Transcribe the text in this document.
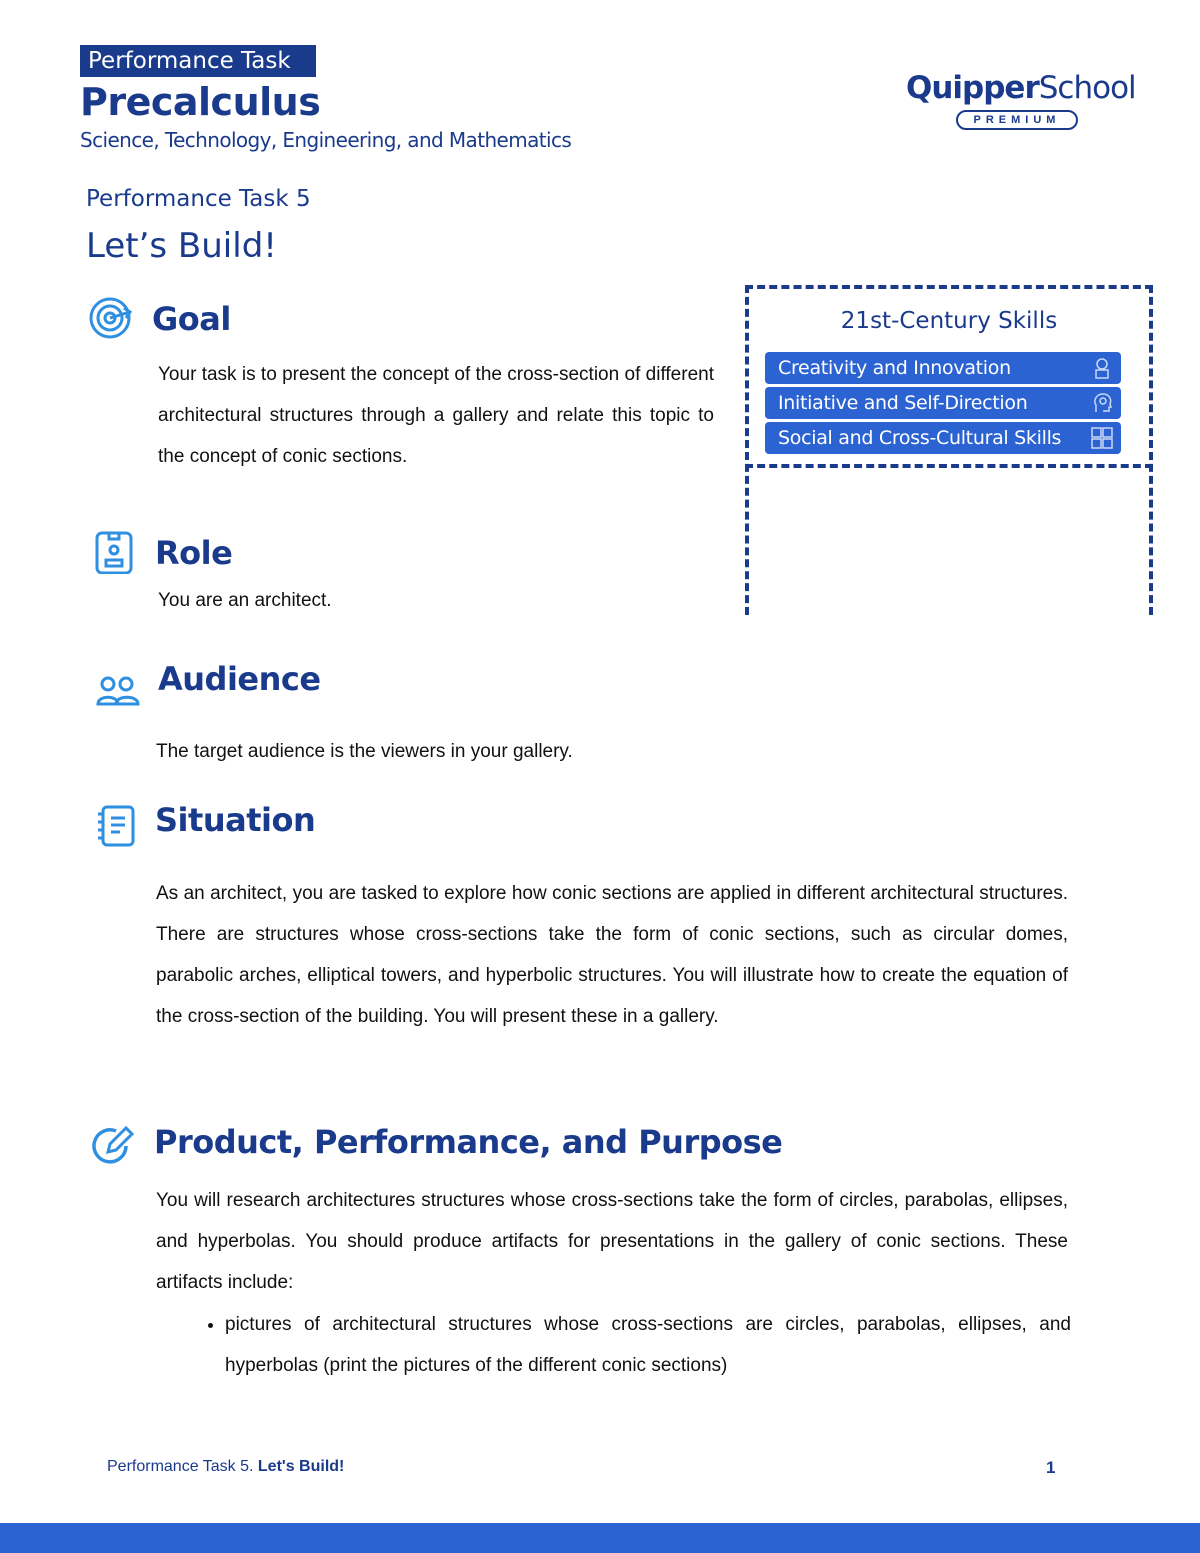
Performance Task
Precalculus
Science, Technology, Engineering, and Mathematics
QuipperSchool
PREMIUM
Performance Task 5
Let’s Build!
21st-Century Skills
Creativity and Innovation
Initiative and Self-Direction
Social and Cross-Cultural Skills
Goal
Your task is to present the concept of the cross-section of different architectural structures through a gallery and relate this topic to the concept of conic sections.
Role
You are an architect.
Audience
The target audience is the viewers in your gallery.
Situation
As an architect, you are tasked to explore how conic sections are applied in different architectural structures. There are structures whose cross-sections take the form of conic sections, such as circular domes, parabolic arches, elliptical towers, and hyperbolic structures. You will illustrate how to create the equation of the cross-section of the building. You will present these in a gallery.
Product, Performance, and Purpose
You will research architectures structures whose cross-sections take the form of circles, parabolas, ellipses, and hyperbolas. You should produce artifacts for presentations in the gallery of conic sections. These artifacts include:
• pictures of architectural structures whose cross-sections are circles, parabolas, ellipses, and hyperbolas (print the pictures of the different conic sections)
Performance Task 5. Let's Build!	1
